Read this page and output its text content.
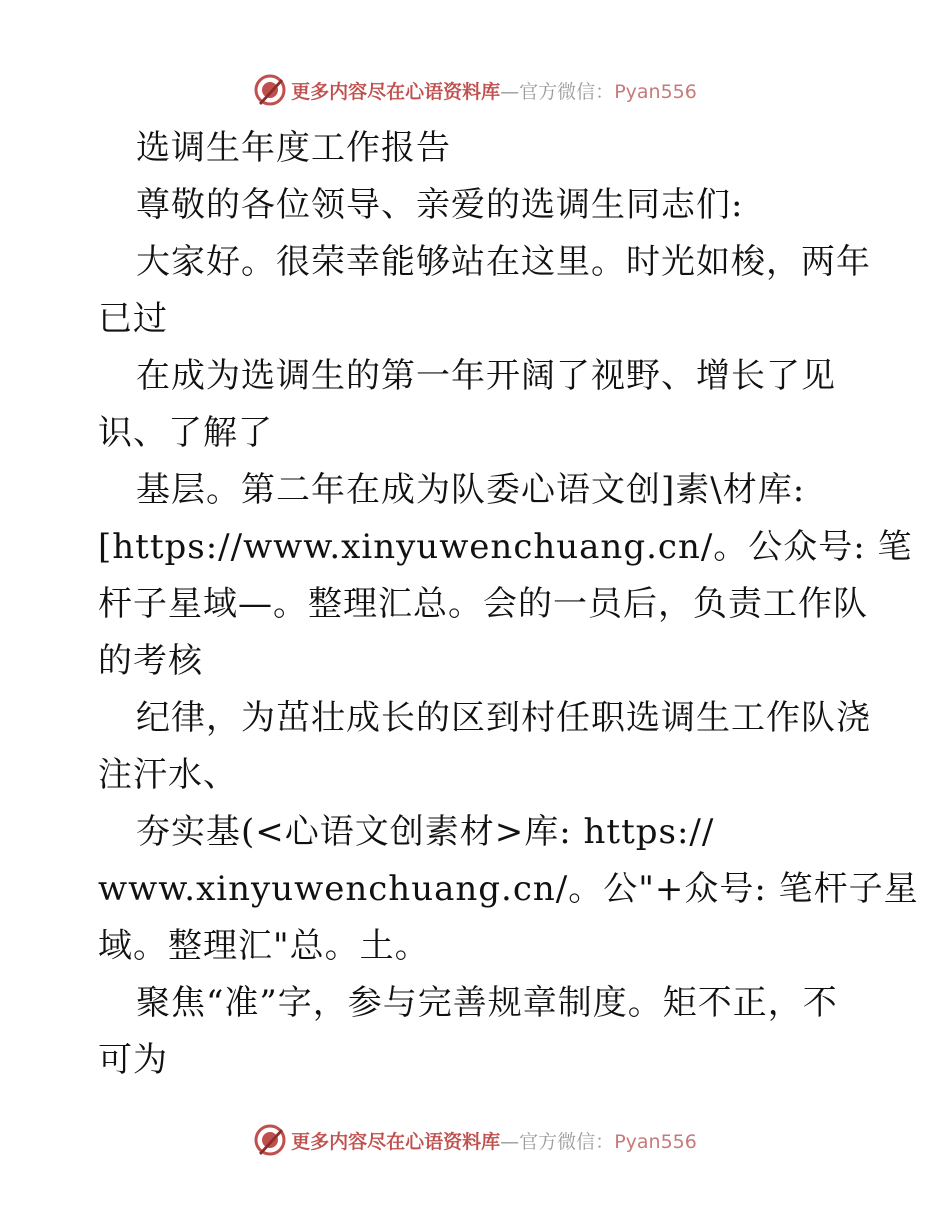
更多内容尽在心语资料库—官方微信：Pyan556
选调生年度工作报告
尊敬的各位领导、亲爱的选调生同志们:
大家好。很荣幸能够站在这里。时光如梭，两年
已过
在成为选调生的第一年开阔了视野、增长了见
识、了解了
基层。第二年在成为队委心语文创]素\材库:
[https://www.xinyuwenchuang.cn/。公众号: 笔
杆子星域—。整理汇总。会的一员后，负责工作队
的考核
纪律，为茁壮成长的区到村任职选调生工作队浇
注汗水、
夯实基(<心语文创素材>库: https://
www.xinyuwenchuang.cn/。公"+众号: 笔杆子星
域。整理汇"总。土。
聚焦“准”字，参与完善规章制度。矩不正，不
可为
更多内容尽在心语资料库—官方微信：Pyan556
